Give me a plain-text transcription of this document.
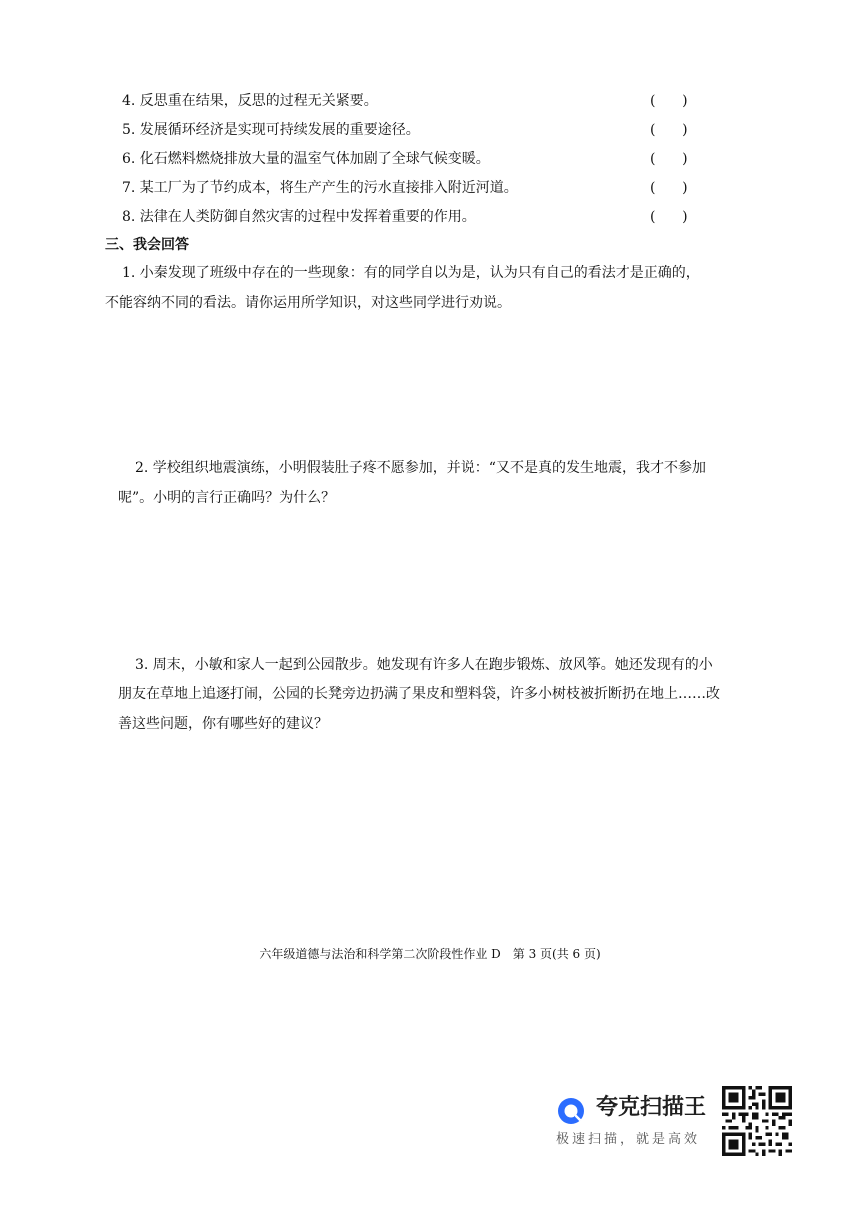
4. 反思重在结果，反思的过程无关紧要。	(      )
5. 发展循环经济是实现可持续发展的重要途径。	(      )
6. 化石燃料燃烧排放大量的温室气体加剧了全球气候变暖。	(      )
7. 某工厂为了节约成本，将生产产生的污水直接排入附近河道。	(      )
8. 法律在人类防御自然灾害的过程中发挥着重要的作用。	(      )
三、我会回答
1. 小秦发现了班级中存在的一些现象：有的同学自以为是，认为只有自己的看法才是正确的，
不能容纳不同的看法。请你运用所学知识，对这些同学进行劝说。
2. 学校组织地震演练，小明假装肚子疼不愿参加，并说：“又不是真的发生地震，我才不参加
呢”。小明的言行正确吗？为什么？
3. 周末，小敏和家人一起到公园散步。她发现有许多人在跑步锻炼、放风筝。她还发现有的小
朋友在草地上追逐打闹，公园的长凳旁边扔满了果皮和塑料袋，许多小树枝被折断扔在地上……改
善这些问题，你有哪些好的建议？
六年级道德与法治和科学第二次阶段性作业 D 第 3 页(共 6 页)
夸克扫描王
极速扫描，就是高效
